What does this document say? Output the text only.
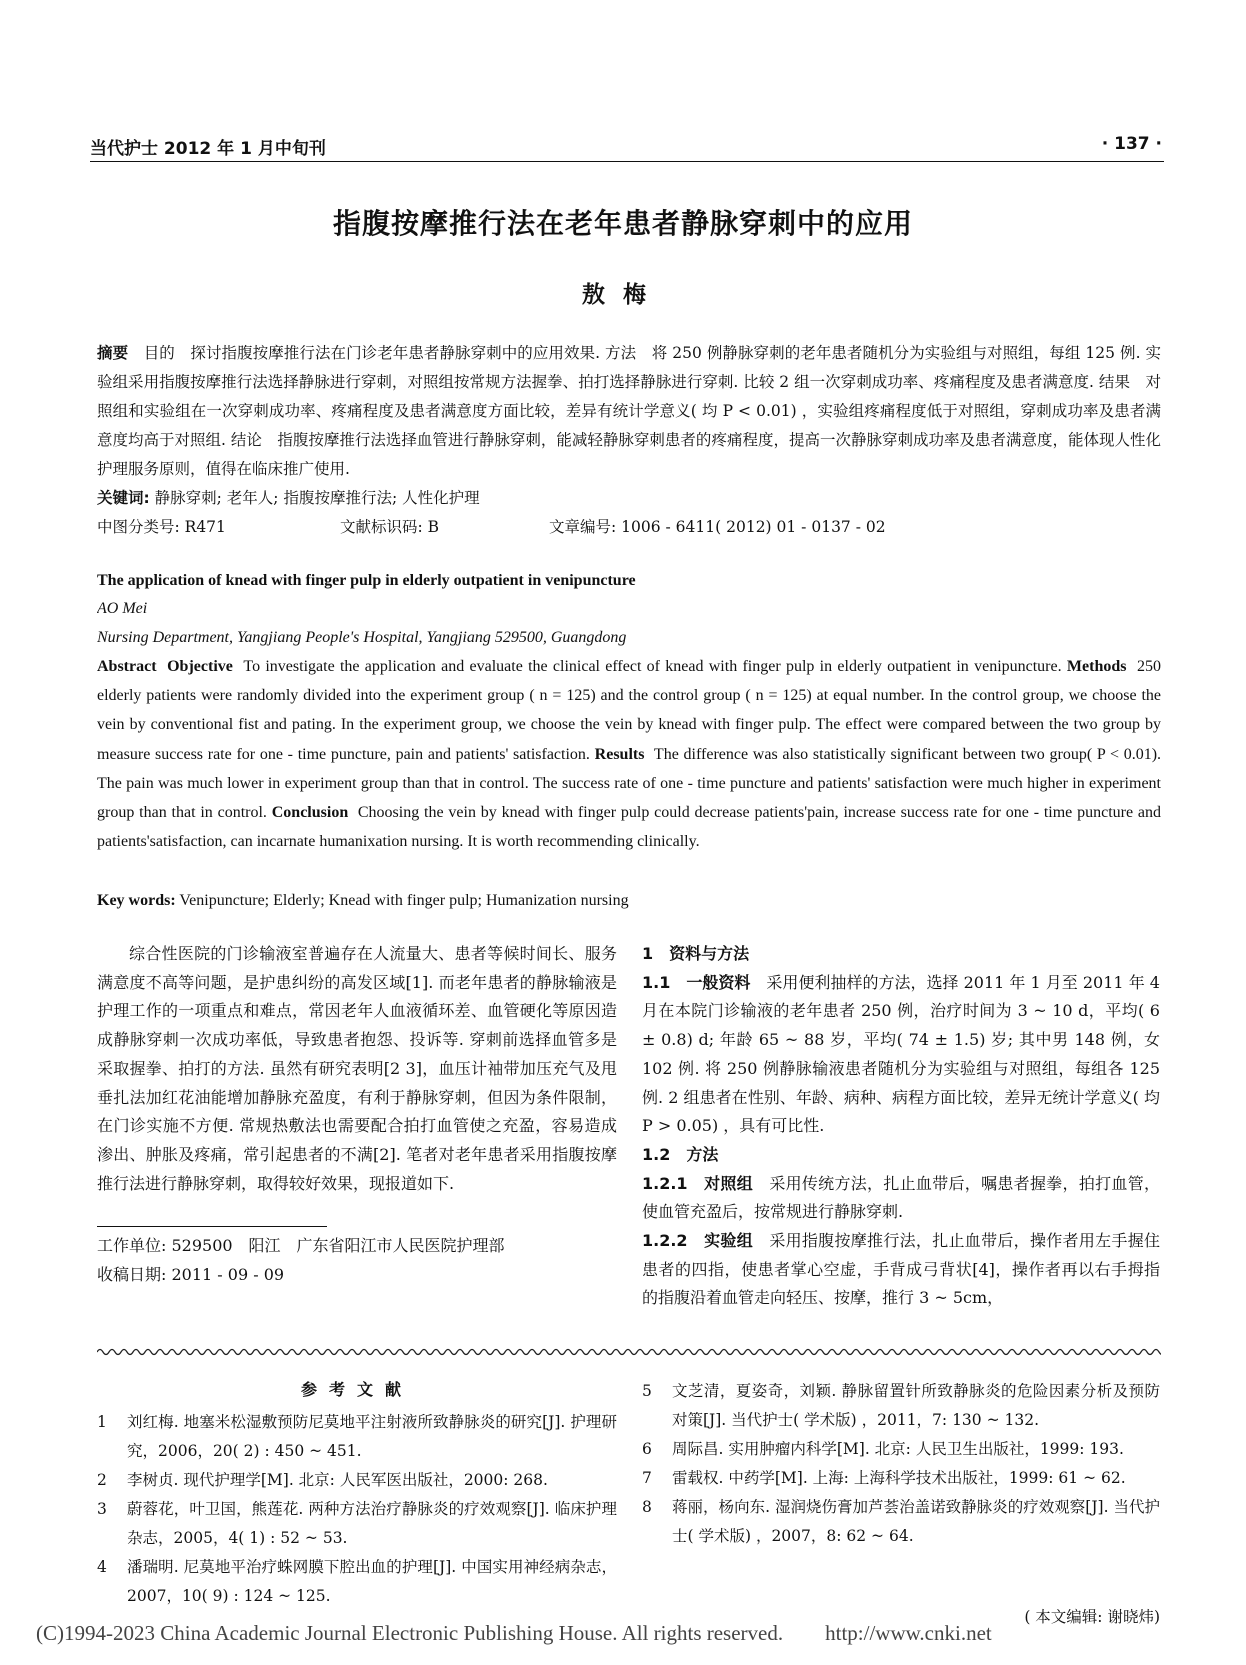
当代护士 2012 年 1 月中旬刊	· 137 ·
指腹按摩推行法在老年患者静脉穿刺中的应用
敖梅
摘要　 目的　探讨指腹按摩推行法在门诊老年患者静脉穿刺中的应用效果. 方法　将 250 例静脉穿刺的老年患者随机分为实验组与对照组，每组 125 例. 实验组采用指腹按摩推行法选择静脉进行穿刺，对照组按常规方法握拳、拍打选择静脉进行穿刺. 比较 2 组一次穿刺成功率、疼痛程度及患者满意度. 结果　对照组和实验组在一次穿刺成功率、疼痛程度及患者满意度方面比较，差异有统计学意义( 均 P < 0.01) ，实验组疼痛程度低于对照组，穿刺成功率及患者满意度均高于对照组. 结论　指腹按摩推行法选择血管进行静脉穿刺，能减轻静脉穿刺患者的疼痛程度，提高一次静脉穿刺成功率及患者满意度，能体现人性化护理服务原则，值得在临床推广使用.
关键词: 静脉穿刺; 老年人; 指腹按摩推行法; 人性化护理
中图分类号: R471	文献标识码: B	文章编号: 1006 - 6411( 2012) 01 - 0137 - 02
The application of knead with finger pulp in elderly outpatient in venipuncture
AO Mei
Nursing Department, Yangjiang People's Hospital, Yangjiang 529500, Guangdong
Abstract Objective To investigate the application and evaluate the clinical effect of knead with finger pulp in elderly outpatient in venipuncture. Methods 250 elderly patients were randomly divided into the experiment group ( n = 125) and the control group ( n = 125) at equal number. In the control group, we choose the vein by conventional fist and pating. In the experiment group, we choose the vein by knead with finger pulp. The effect were compared between the two group by measure success rate for one - time puncture, pain and patients' satisfaction. Results The difference was also statistically significant between two group( P < 0.01). The pain was much lower in experiment group than that in control. The success rate of one - time puncture and patients' satisfaction were much higher in experiment group than that in control. Conclusion Choosing the vein by knead with finger pulp could decrease patients'pain, increase success rate for one - time puncture and patients'satisfaction, can incarnate humanixation nursing. It is worth recommending clinically.
Key words: Venipuncture; Elderly; Knead with finger pulp; Humanization nursing
综合性医院的门诊输液室普遍存在人流量大、患者等候时间长、服务满意度不高等问题，是护患纠纷的高发区域[1]. 而老年患者的静脉输液是护理工作的一项重点和难点，常因老年人血液循环差、血管硬化等原因造成静脉穿刺一次成功率低，导致患者抱怨、投诉等. 穿刺前选择血管多是采取握拳、拍打的方法. 虽然有研究表明[2 3]，血压计袖带加压充气及甩垂扎法加红花油能增加静脉充盈度，有利于静脉穿刺，但因为条件限制，在门诊实施不方便. 常规热敷法也需要配合拍打血管使之充盈，容易造成渗出、肿胀及疼痛，常引起患者的不满[2]. 笔者对老年患者采用指腹按摩推行法进行静脉穿刺，取得较好效果，现报道如下.
工作单位: 529500　阳江　广东省阳江市人民医院护理部
收稿日期: 2011 - 09 - 09
1　资料与方法
1.1　一般资料　 采用便利抽样的方法，选择 2011 年 1 月至 2011 年 4 月在本院门诊输液的老年患者 250 例，治疗时间为 3 ~ 10 d，平均( 6 ± 0.8) d; 年龄 65 ~ 88 岁，平均( 74 ± 1.5) 岁; 其中男 148 例，女 102 例. 将 250 例静脉输液患者随机分为实验组与对照组，每组各 125 例. 2 组患者在性别、年龄、病种、病程方面比较，差异无统计学意义( 均 P > 0.05) ，具有可比性.
1.2　方法
1.2.1　对照组　 采用传统方法，扎止血带后，嘱患者握拳，拍打血管，使血管充盈后，按常规进行静脉穿刺.
1.2.2　实验组　 采用指腹按摩推行法，扎止血带后，操作者用左手握住患者的四指，使患者掌心空虚，手背成弓背状[4]，操作者再以右手拇指的指腹沿着血管走向轻压、按摩，推行 3 ~ 5cm，
参考文献
1	刘红梅. 地塞米松湿敷预防尼莫地平注射液所致静脉炎的研究[J]. 护理研究，2006，20( 2) : 450 ~ 451.
2	李树贞. 现代护理学[M]. 北京: 人民军医出版社，2000: 268.
3	蔚蓉花，叶卫国，熊莲花. 两种方法治疗静脉炎的疗效观察[J]. 临床护理杂志，2005，4( 1) : 52 ~ 53.
4	潘瑞明. 尼莫地平治疗蛛网膜下腔出血的护理[J]. 中国实用神经病杂志，2007，10( 9) : 124 ~ 125.
5	文芝清，夏姿奇，刘颖. 静脉留置针所致静脉炎的危险因素分析及预防对策[J]. 当代护士( 学术版) ，2011，7: 130 ~ 132.
6	周际昌. 实用肿瘤内科学[M]. 北京: 人民卫生出版社，1999: 193.
7	雷载权. 中药学[M]. 上海: 上海科学技术出版社，1999: 61 ~ 62.
8	蒋丽，杨向东. 湿润烧伤膏加芦荟治盖诺致静脉炎的疗效观察[J]. 当代护士( 学术版) ，2007，8: 62 ~ 64.
( 本文编辑: 谢晓炜)
(C)1994-2023 China Academic Journal Electronic Publishing House. All rights reserved.　　http://www.cnki.net
